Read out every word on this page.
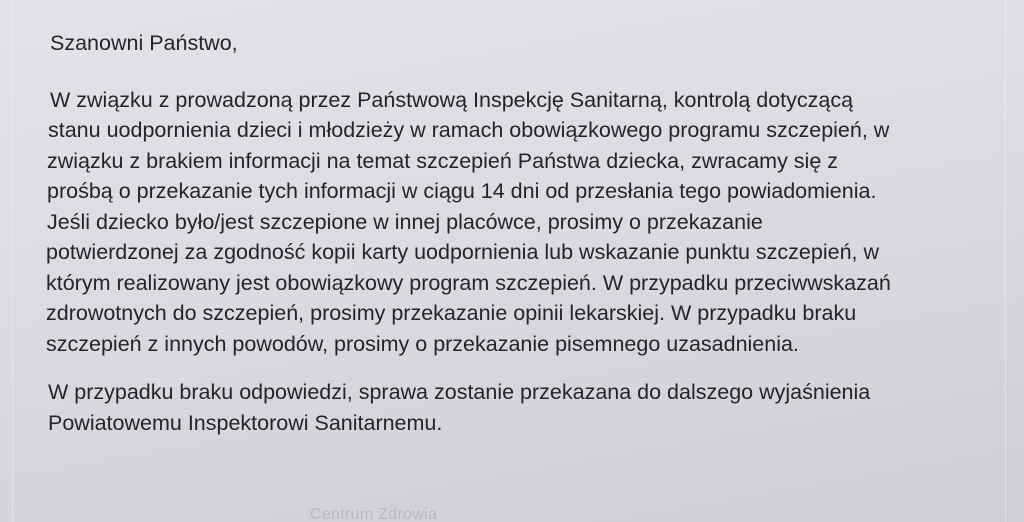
Szanowni Państwo,

W związku z prowadzoną przez Państwową Inspekcję Sanitarną, kontrolą dotyczącą
stanu uodpornienia dzieci i młodzieży w ramach obowiązkowego programu szczepień, w
związku z brakiem informacji na temat szczepień Państwa dziecka, zwracamy się z
prośbą o przekazanie tych informacji w ciągu 14 dni od przesłania tego powiadomienia.
Jeśli dziecko było/jest szczepione w innej placówce, prosimy o przekazanie
potwierdzonej za zgodność kopii karty uodpornienia lub wskazanie punktu szczepień, w
którym realizowany jest obowiązkowy program szczepień. W przypadku przeciwwskazań
zdrowotnych do szczepień, prosimy przekazanie opinii lekarskiej. W przypadku braku
szczepień z innych powodów, prosimy o przekazanie pisemnego uzasadnienia.

W przypadku braku odpowiedzi, sprawa zostanie przekazana do dalszego wyjaśnienia
Powiatowemu Inspektorowi Sanitarnemu.

Centrum Zdrowia
